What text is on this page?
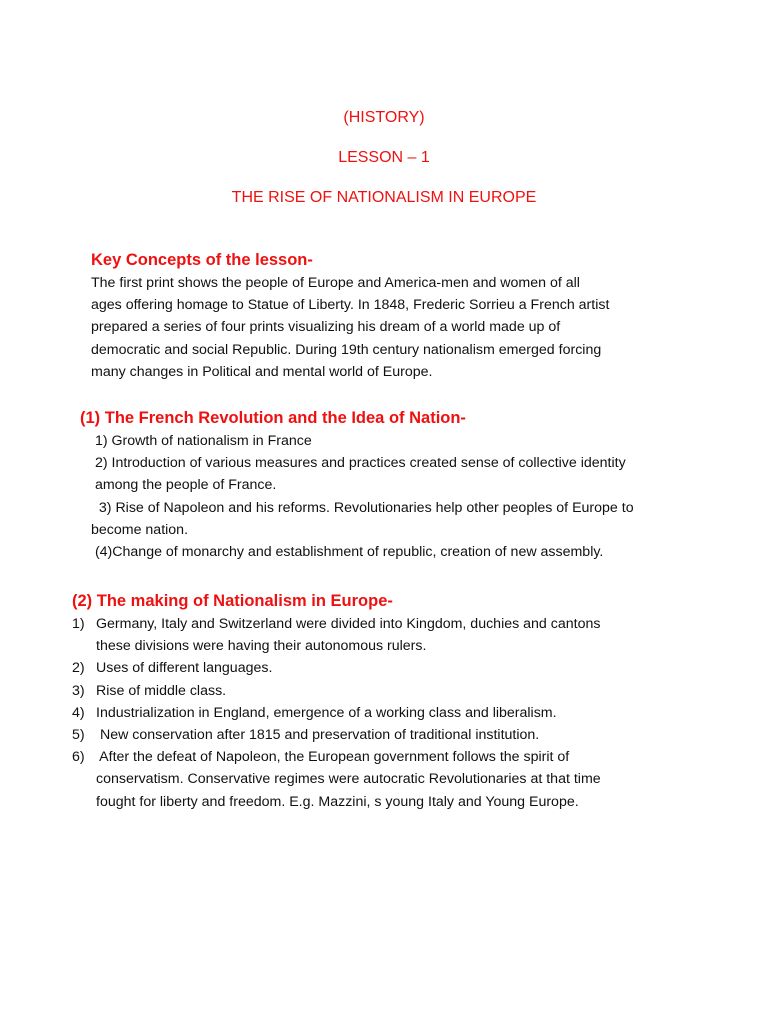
(HISTORY)
LESSON – 1
THE RISE OF NATIONALISM IN EUROPE
Key Concepts of the lesson-
The first print shows the people of Europe and America-men and women of all
ages offering homage to Statue of Liberty. In 1848, Frederic Sorrieu a French artist
prepared a series of four prints visualizing his dream of a world made up of
democratic and social Republic. During 19th century nationalism emerged forcing
many changes in Political and mental world of Europe.
(1) The French Revolution and the Idea of Nation-

1) Growth of nationalism in France

2) Introduction of various measures and practices created sense of collective identity

among the people of France.

3) Rise of Napoleon and his reforms. Revolutionaries help other peoples of Europe to

become nation.

(4)Change of monarchy and establishment of republic, creation of new assembly.

(2) The making of Nationalism in Europe-
1) Germany, Italy and Switzerland were divided into Kingdom, duchies and cantons
these divisions were having their autonomous rulers.
2) Uses of different languages.
3) Rise of middle class.
4) Industrialization in England, emergence of a working class and liberalism.
5) New conservation after 1815 and preservation of traditional institution.
6) After the defeat of Napoleon, the European government follows the spirit of
conservatism. Conservative regimes were autocratic Revolutionaries at that time
fought for liberty and freedom. E.g. Mazzini, s young Italy and Young Europe.
